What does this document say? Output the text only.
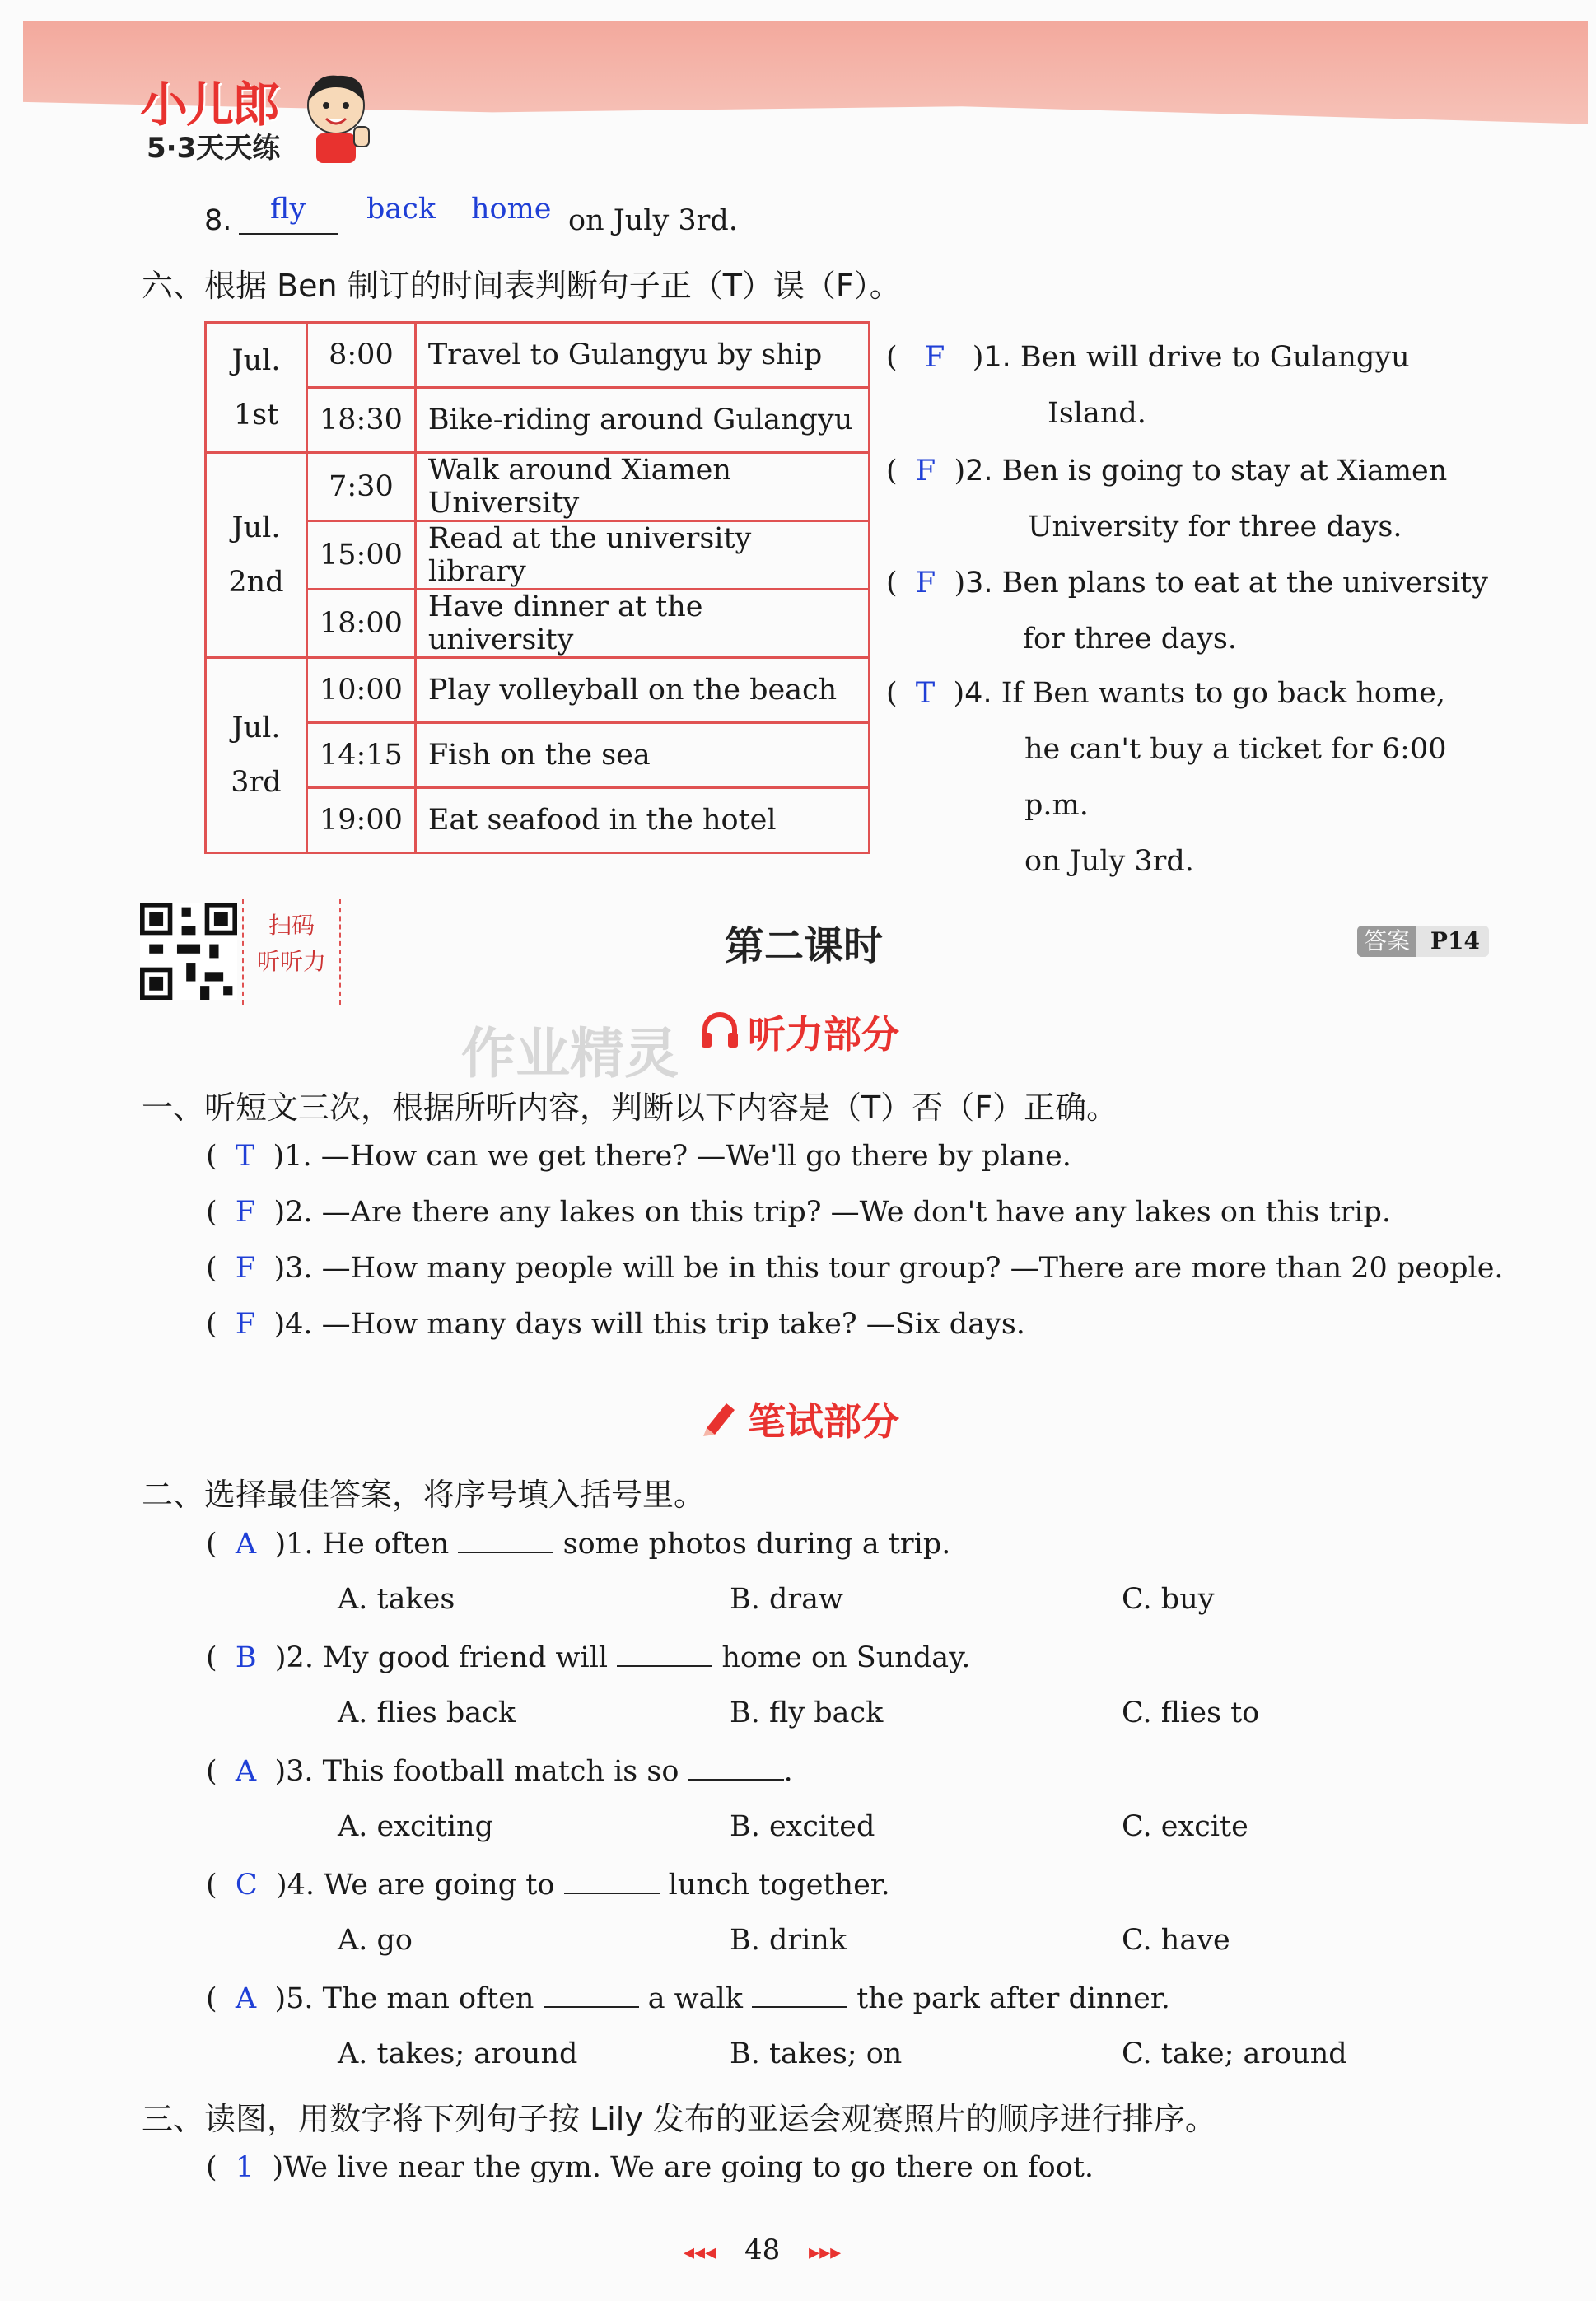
小儿郎
5·3天天练
8. fly back home on July 3rd.
六、根据 Ben 制订的时间表判断句子正（T）误（F）。
Jul.
1st	8:00	Travel to Gulangyu by ship
	18:30	Bike-riding around Gulangyu
Jul.
2nd	7:30	Walk around Xiamen University
	15:00	Read at the university library
	18:00	Have dinner at the university
Jul.
3rd	10:00	Play volleyball on the beach
	14:15	Fish on the sea
	19:00	Eat seafood in the hotel
(   F   )1. Ben will drive to Gulangyu
Island.
(  F  )2. Ben is going to stay at Xiamen
University for three days.
(  F  )3. Ben plans to eat at the university
for three days.
(  T  )4. If Ben wants to go back home,
he can't buy a ticket for 6:00 p.m.
on July 3rd.
扫码
听听力	第二课时	答案 P14
作业精灵 听力部分
一、听短文三次，根据所听内容，判断以下内容是（T）否（F）正确。
(  T  )1. —How can we get there? —We'll go there by plane.
(  F  )2. —Are there any lakes on this trip? —We don't have any lakes on this trip.
(  F  )3. —How many people will be in this tour group? —There are more than 20 people.
(  F  )4. —How many days will this trip take? —Six days.
笔试部分
二、选择最佳答案，将序号填入括号里。
(  A  )1. He often	some photos during a trip.
A. takes	B. draw	C. buy
(  B  )2. My good friend will	home on Sunday.
A. flies back	B. fly back	C. flies to
(  A  )3. This football match is so	.
A. exciting	B. excited	C. excite
(  C  )4. We are going to	lunch together.
A. go	B. drink	C. have
(  A  )5. The man often	a walk	the park after dinner.
A. takes; around	B. takes; on	C. take; around
三、读图，用数字将下列句子按 Lily 发布的亚运会观赛照片的顺序进行排序。
(  1  )We live near the gym. We are going to go there on foot.
◂◂◂ 48 ▸▸▸
